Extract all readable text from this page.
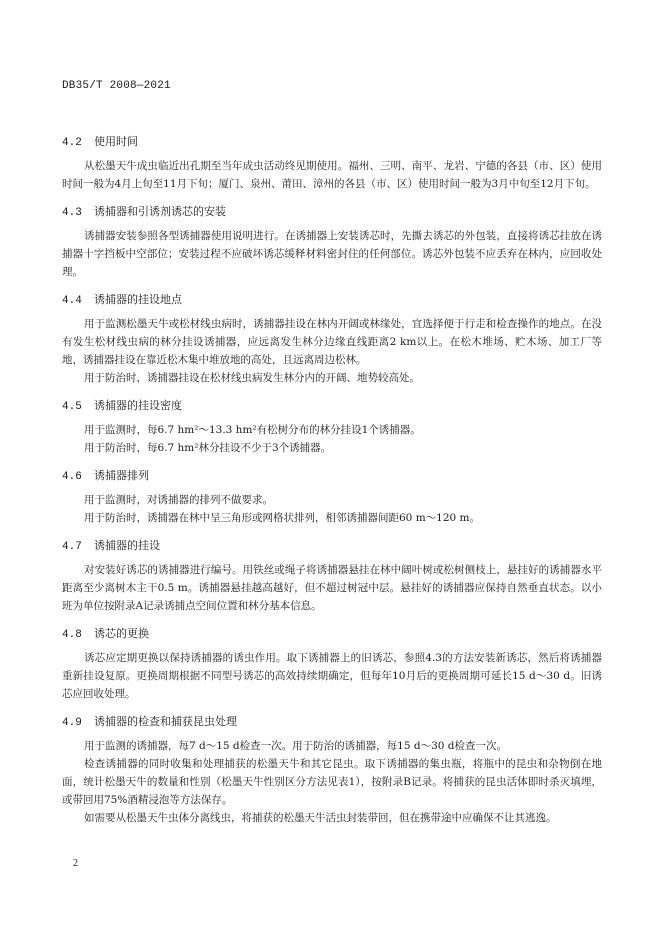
DB35/T 2008—2021
4.2	使用时间

从松墨天牛成虫临近出孔期至当年成虫活动终见期使用。福州、三明、南平、龙岩、宁德的各县（市、区）使用时间一般为4月上旬至11月下旬；厦门、泉州、莆田、漳州的各县（市、区）使用时间一般为3月中旬至12月下旬。

4.3	诱捕器和引诱剂诱芯的安装

诱捕器安装参照各型诱捕器使用说明进行。在诱捕器上安装诱芯时，先撕去诱芯的外包装，直接将诱芯挂放在诱捕器十字挡板中空部位；安装过程不应破坏诱芯缓释材料密封住的任何部位。诱芯外包装不应丢弃在林内，应回收处理。

4.4	诱捕器的挂设地点

用于监测松墨天牛或松材线虫病时，诱捕器挂设在林内开阔或林缘处，宜选择便于行走和检查操作的地点。在没有发生松材线虫病的林分挂设诱捕器，应远离发生林分边缘直线距离2 km以上。在松木堆场、贮木场、加工厂等地，诱捕器挂设在靠近松木集中堆放地的高处，且远离周边松林。

用于防治时，诱捕器挂设在松材线虫病发生林分内的开阔、地势较高处。

4.5	诱捕器的挂设密度

用于监测时，每6.7 hm²～13.3 hm²有松树分布的林分挂设1个诱捕器。

用于防治时，每6.7 hm²林分挂设不少于3个诱捕器。

4.6	诱捕器排列

用于监测时，对诱捕器的排列不做要求。

用于防治时，诱捕器在林中呈三角形或网格状排列，相邻诱捕器间距60 m～120 m。

4.7	诱捕器的挂设

对安装好诱芯的诱捕器进行编号。用铁丝或绳子将诱捕器悬挂在林中阔叶树或松树侧枝上，悬挂好的诱捕器水平距离至少离树木主干0.5 m。诱捕器悬挂越高越好，但不超过树冠中层。悬挂好的诱捕器应保持自然垂直状态。以小班为单位按附录A记录诱捕点空间位置和林分基本信息。

4.8	诱芯的更换

诱芯应定期更换以保持诱捕器的诱虫作用。取下诱捕器上的旧诱芯，参照4.3的方法安装新诱芯，然后将诱捕器重新挂设复原。更换周期根据不同型号诱芯的高效持续期确定，但每年10月后的更换周期可延长15 d～30 d。旧诱芯应回收处理。

4.9	诱捕器的检查和捕获昆虫处理

用于监测的诱捕器，每7 d～15 d检查一次。用于防治的诱捕器，每15 d～30 d检查一次。

检查诱捕器的同时收集和处理捕获的松墨天牛和其它昆虫。取下诱捕器的集虫瓶，将瓶中的昆虫和杂物倒在地面，统计松墨天牛的数量和性别（松墨天牛性别区分方法见表1），按附录B记录。将捕获的昆虫活体即时杀灭填埋，或带回用75%酒精浸泡等方法保存。

如需要从松墨天牛虫体分离线虫，将捕获的松墨天牛活虫封装带回，但在携带途中应确保不让其逃逸。

2
